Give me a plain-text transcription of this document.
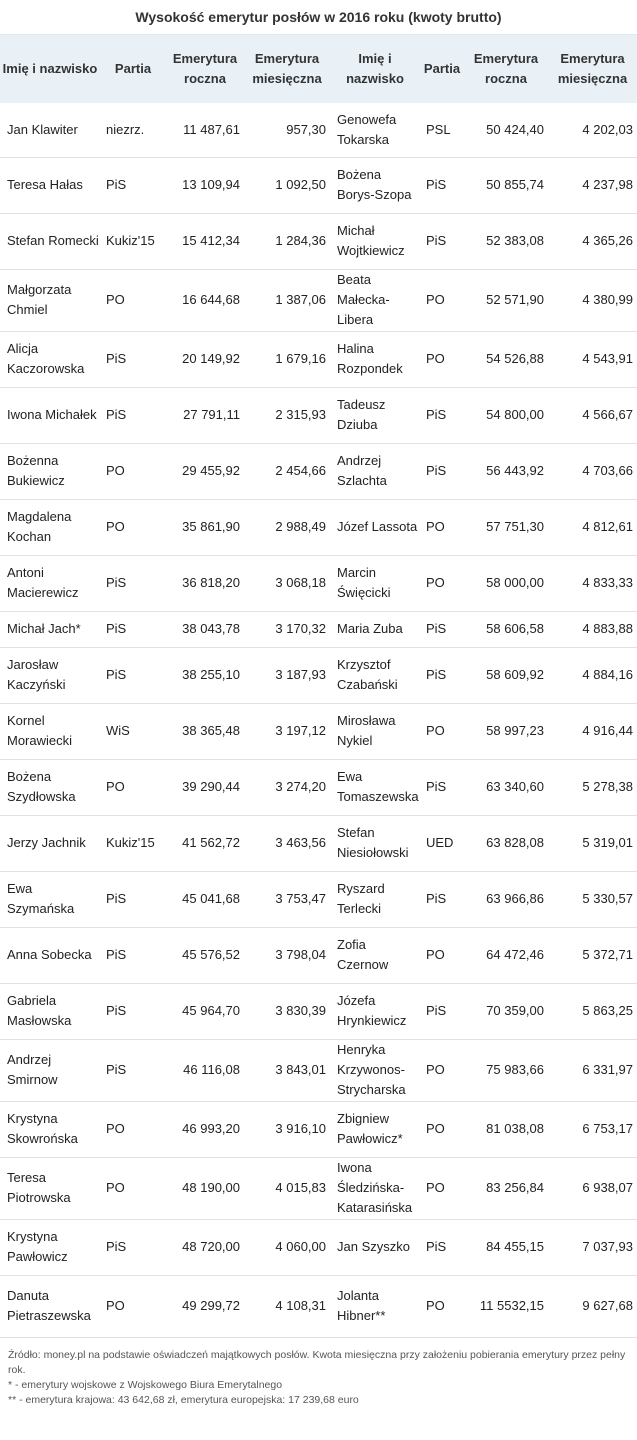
Wysokość emerytur posłów w 2016 roku (kwoty brutto)
Imię i nazwisko	Partia	Emerytura roczna	Emerytura miesięczna	Imię i nazwisko	Partia	Emerytura roczna	Emerytura miesięczna
Jan Klawiter	niezrz.	11 487,61	957,30	Genowefa Tokarska	PSL	50 424,40	4 202,03
Teresa Hałas	PiS	13 109,94	1 092,50	Bożena Borys-Szopa	PiS	50 855,74	4 237,98
Stefan Romecki	Kukiz'15	15 412,34	1 284,36	Michał Wojtkiewicz	PiS	52 383,08	4 365,26
Małgorzata Chmiel	PO	16 644,68	1 387,06	Beata Małecka-Libera	PO	52 571,90	4 380,99
Alicja Kaczorowska	PiS	20 149,92	1 679,16	Halina Rozpondek	PO	54 526,88	4 543,91
Iwona Michałek	PiS	27 791,11	2 315,93	Tadeusz Dziuba	PiS	54 800,00	4 566,67
Bożenna Bukiewicz	PO	29 455,92	2 454,66	Andrzej Szlachta	PiS	56 443,92	4 703,66
Magdalena Kochan	PO	35 861,90	2 988,49	Józef Lassota	PO	57 751,30	4 812,61
Antoni Macierewicz	PiS	36 818,20	3 068,18	Marcin Święcicki	PO	58 000,00	4 833,33
Michał Jach*	PiS	38 043,78	3 170,32	Maria Zuba	PiS	58 606,58	4 883,88
Jarosław Kaczyński	PiS	38 255,10	3 187,93	Krzysztof Czabański	PiS	58 609,92	4 884,16
Kornel Morawiecki	WiS	38 365,48	3 197,12	Mirosława Nykiel	PO	58 997,23	4 916,44
Bożena Szydłowska	PO	39 290,44	3 274,20	Ewa Tomaszewska	PiS	63 340,60	5 278,38
Jerzy Jachnik	Kukiz'15	41 562,72	3 463,56	Stefan Niesiołowski	UED	63 828,08	5 319,01
Ewa Szymańska	PiS	45 041,68	3 753,47	Ryszard Terlecki	PiS	63 966,86	5 330,57
Anna Sobecka	PiS	45 576,52	3 798,04	Zofia Czernow	PO	64 472,46	5 372,71
Gabriela Masłowska	PiS	45 964,70	3 830,39	Józefa Hrynkiewicz	PiS	70 359,00	5 863,25
Andrzej Smirnow	PiS	46 116,08	3 843,01	Henryka Krzywonos-Strycharska	PO	75 983,66	6 331,97
Krystyna Skowrońska	PO	46 993,20	3 916,10	Zbigniew Pawłowicz*	PO	81 038,08	6 753,17
Teresa Piotrowska	PO	48 190,00	4 015,83	Iwona Śledzińska-Katarasińska	PO	83 256,84	6 938,07
Krystyna Pawłowicz	PiS	48 720,00	4 060,00	Jan Szyszko	PiS	84 455,15	7 037,93
Danuta Pietraszewska	PO	49 299,72	4 108,31	Jolanta Hibner**	PO	11 5532,15	9 627,68
Źródło: money.pl na podstawie oświadczeń majątkowych posłów. Kwota miesięczna przy założeniu pobierania emerytury przez pełny rok.
* - emerytury wojskowe z Wojskowego Biura Emerytalnego
** - emerytura krajowa: 43 642,68 zł, emerytura europejska: 17 239,68 euro
